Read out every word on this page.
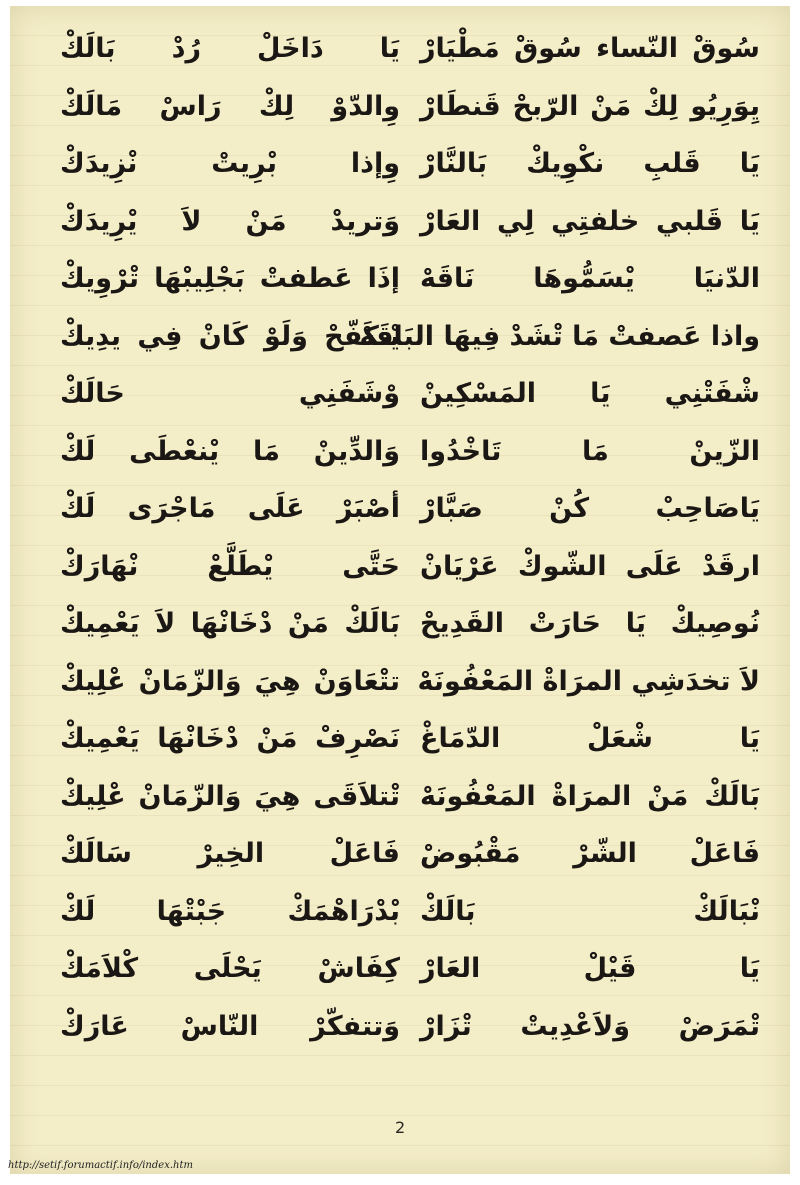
سُوقْ النّساء سُوقْ مَطْيَارْ
يَا دَاخَلْ رُدْ بَالَكْ
يِوَرِيُو لِكْ مَنْ الرّبحْ قَنطَارْ
وِالدّوْ لِكْ رَاسْ مَالَكْ
يَا قَلبِ نكْوِيكْ بَالنَّارْ
وِإذا بْرِيتْ نْزِيدَكْ
يَا قَلبي خلفتِي لِي العَارْ
وَتريدْ مَنْ لاَ يْرِيدَكْ
الدّنيَا يْسَمُّوهَا نَاقَهْ
إذَا عَطفتْ بَجْلِيبْهَا تْرْوِيكْ
واذا عَصفتْ مَا تْشَدْ فِيهَا البَاقَهْ
يْتكَفّحْ وَلَوْ كَانْ فِي يدِيكْ
شْفَتْنِي يَا المَسْكِينْ
وْشَفَنِي حَالَكْ
الزّينْ مَا تَاخْدُوا
وَالدِّينْ مَا يْنعْطَى لَكْ
يَاصَاحِبْ كُنْ صَبَّارْ
أصْبَرْ عَلَى مَاجْرَى لَكْ
ارقَدْ عَلَى الشّوكْ عَرْيَانْ
حَتَّى يْطَلَّعْ نْهَارَكْ
نُوصِيكْ يَا حَارَتْ القَدِيحْ
بَالَكْ مَنْ دْخَانْهَا لاَ يَعْمِيكْ
لاَ تخدَشِي المرَاةْ المَعْفُونَهْ
تتْعَاوَنْ هِيَ وَالزّمَانْ عْلِيكْ
يَا شْعَلْ الدّمَاغْ
نَصْرِفْ مَنْ دْخَانْهَا يَعْمِيكْ
بَالَكْ مَنْ المرَاةْ المَعْفُونَهْ
تْتلاَقَى هِيَ وَالزّمَانْ عْلِيكْ
فَاعَلْ الشّرْ مَقْبُوضْ
فَاعَلْ الخِيرْ سَالَكْ
نْبَالَكْ بَالَكْ
بْدْرَاهْمَكْ جَبْتْهَا لَكْ
يَا قَيْلْ العَارْ
كِفَاشْ يَحْلَى كْلاَمَكْ
تْمَرَضْ وَلاَعْدِيتْ تْزَارْ
وَتتفكّرْ النّاسْ عَارَكْ
2
http://setif.forumactif.info/index.htm
